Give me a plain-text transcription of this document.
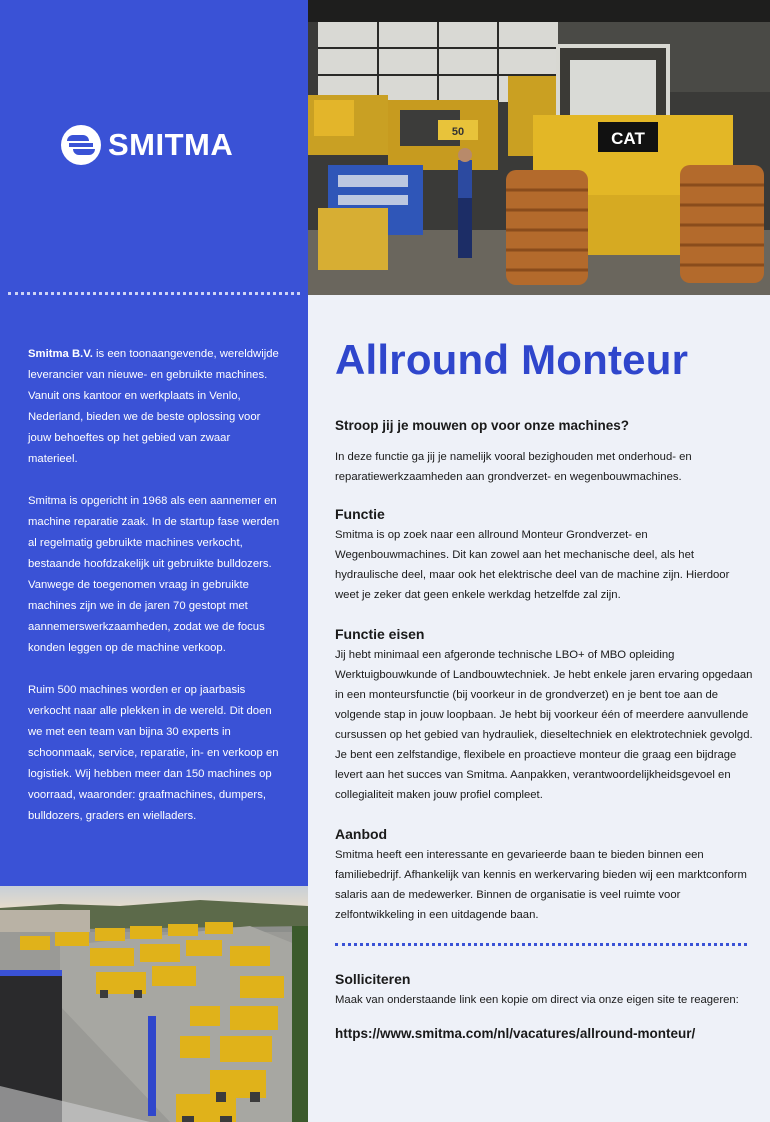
SMITMA

Smitma B.V. is een toonaangevende, wereldwijde leverancier van nieuwe- en gebruikte machines. Vanuit ons kantoor en werkplaats in Venlo, Nederland, bieden we de beste oplossing voor jouw behoeftes op het gebied van zwaar materieel.

Smitma is opgericht in 1968 als een aannemer en machine reparatie zaak. In de startup fase werden al regelmatig gebruikte machines verkocht, bestaande hoofdzakelijk uit gebruikte bulldozers. Vanwege de toegenomen vraag in gebruikte machines zijn we in de jaren 70 gestopt met aannemerswerkzaamheden, zodat we de focus konden leggen op de machine verkoop.

Ruim 500 machines worden er op jaarbasis verkocht naar alle plekken in de wereld. Dit doen we met een team van bijna 30 experts in schoonmaak, service, reparatie, in- en verkoop en logistiek. Wij hebben meer dan 150 machines op voorraad, waaronder: graafmachines, dumpers, bulldozers, graders en wielladers.

CAT
50
Allround Monteur

Stroop jij je mouwen op voor onze machines?

In deze functie ga jij je namelijk vooral bezighouden met onderhoud- en reparatiewerkzaamheden aan grondverzet- en wegenbouwmachines.

Functie

Smitma is op zoek naar een allround Monteur Grondverzet- en Wegenbouwmachines. Dit kan zowel aan het mechanische deel, als het hydraulische deel, maar ook het elektrische deel van de machine zijn. Hierdoor weet je zeker dat geen enkele werkdag hetzelfde zal zijn.

Functie eisen

Jij hebt minimaal een afgeronde technische LBO+ of MBO opleiding Werktuigbouwkunde of Landbouwtechniek. Je hebt enkele jaren ervaring opgedaan in een monteursfunctie (bij voorkeur in de grondverzet) en je bent toe aan de volgende stap in jouw loopbaan. Je hebt bij voorkeur één of meerdere aanvullende cursussen op het gebied van hydrauliek, dieseltechniek en elektrotechniek gevolgd. Je bent een zelfstandige, flexibele en proactieve monteur die graag een bijdrage levert aan het succes van Smitma. Aanpakken, verantwoordelijkheidsgevoel en collegialiteit maken jouw profiel compleet.

Aanbod

Smitma heeft een interessante en gevarieerde baan te bieden binnen een familiebedrijf. Afhankelijk van kennis en werkervaring bieden wij een marktconform salaris aan de medewerker. Binnen de organisatie is veel ruimte voor zelfontwikkeling in een uitdagende baan.

Solliciteren

Maak van onderstaande link een kopie om direct via onze eigen site te reageren:

https://www.smitma.com/nl/vacatures/allround-monteur/
